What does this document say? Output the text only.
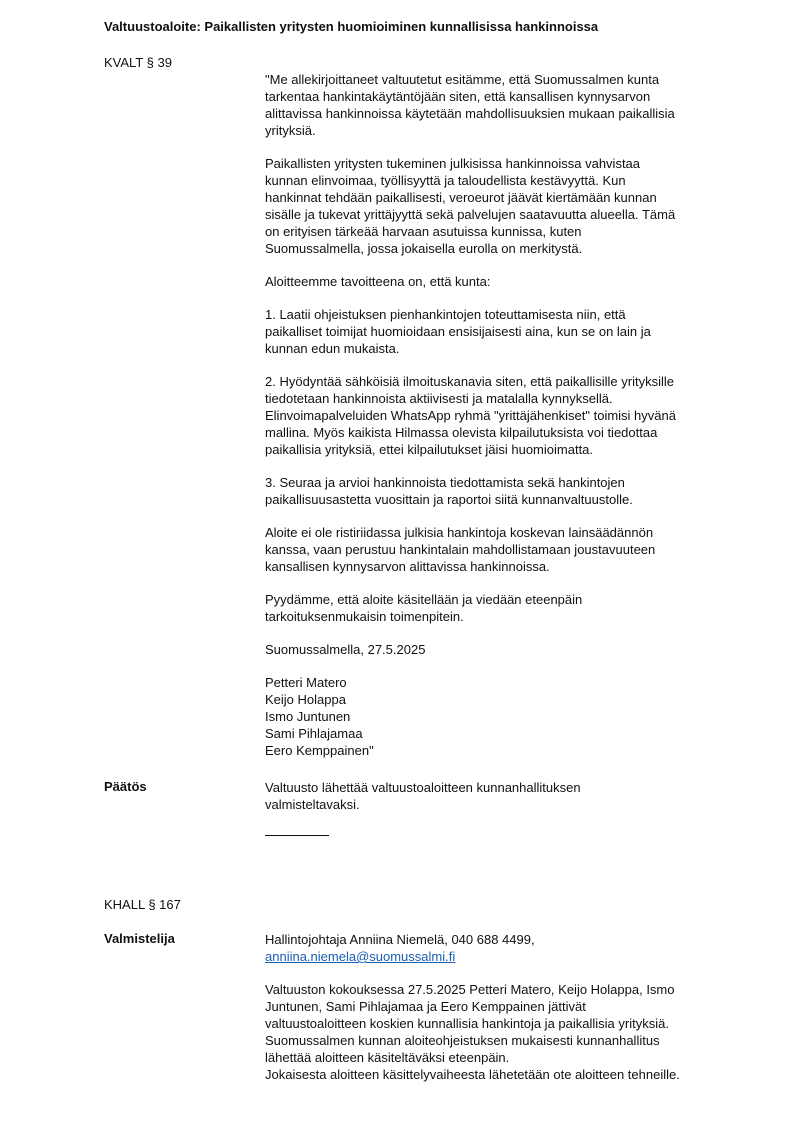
Valtuustoaloite: Paikallisten yritysten huomioiminen kunnallisissa hankinnoissa
KVALT § 39
"Me allekirjoittaneet valtuutetut esitämme, että Suomussalmen kunta
tarkentaa hankintakäytäntöjään siten, että kansallisen kynnysarvon
alittavissa hankinnoissa käytetään mahdollisuuksien mukaan paikallisia
yrityksiä.
Paikallisten yritysten tukeminen julkisissa hankinnoissa vahvistaa
kunnan elinvoimaa, työllisyyttä ja taloudellista kestävyyttä. Kun
hankinnat tehdään paikallisesti, veroeurot jäävät kiertämään kunnan
sisälle ja tukevat yrittäjyyttä sekä palvelujen saatavuutta alueella. Tämä
on erityisen tärkeää harvaan asutuissa kunnissa, kuten
Suomussalmella, jossa jokaisella eurolla on merkitystä.
Aloitteemme tavoitteena on, että kunta:
1. Laatii ohjeistuksen pienhankintojen toteuttamisesta niin, että
paikalliset toimijat huomioidaan ensisijaisesti aina, kun se on lain ja
kunnan edun mukaista.
2. Hyödyntää sähköisiä ilmoituskanavia siten, että paikallisille yrityksille
tiedotetaan hankinnoista aktiivisesti ja matalalla kynnyksellä.
Elinvoimapalveluiden WhatsApp ryhmä "yrittäjähenkiset" toimisi hyvänä
mallina. Myös kaikista Hilmassa olevista kilpailutuksista voi tiedottaa
paikallisia yrityksiä, ettei kilpailutukset jäisi huomioimatta.
3. Seuraa ja arvioi hankinnoista tiedottamista sekä hankintojen
paikallisuusastetta vuosittain ja raportoi siitä kunnanvaltuustolle.
Aloite ei ole ristiriidassa julkisia hankintoja koskevan lainsäädännön
kanssa, vaan perustuu hankintalain mahdollistamaan joustavuuteen
kansallisen kynnysarvon alittavissa hankinnoissa.
Pyydämme, että aloite käsitellään ja viedään eteenpäin
tarkoituksenmukaisin toimenpitein.
Suomussalmella, 27.5.2025
Petteri Matero
Keijo Holappa
Ismo Juntunen
Sami Pihlajamaa
Eero Kemppainen"
Päätös	Valtuusto lähettää valtuustoaloitteen kunnanhallituksen
valmisteltavaksi.
KHALL § 167
Valmistelija	Hallintojohtaja Anniina Niemelä, 040 688 4499,
anniina.niemela@suomussalmi.fi
Valtuuston kokouksessa 27.5.2025 Petteri Matero, Keijo Holappa, Ismo
Juntunen, Sami Pihlajamaa ja Eero Kemppainen jättivät
valtuustoaloitteen koskien kunnallisia hankintoja ja paikallisia yrityksiä.
Suomussalmen kunnan aloiteohjeistuksen mukaisesti kunnanhallitus
lähettää aloitteen käsiteltäväksi eteenpäin.
Jokaisesta aloitteen käsittelyvaiheesta lähetetään ote aloitteen tehneille.
